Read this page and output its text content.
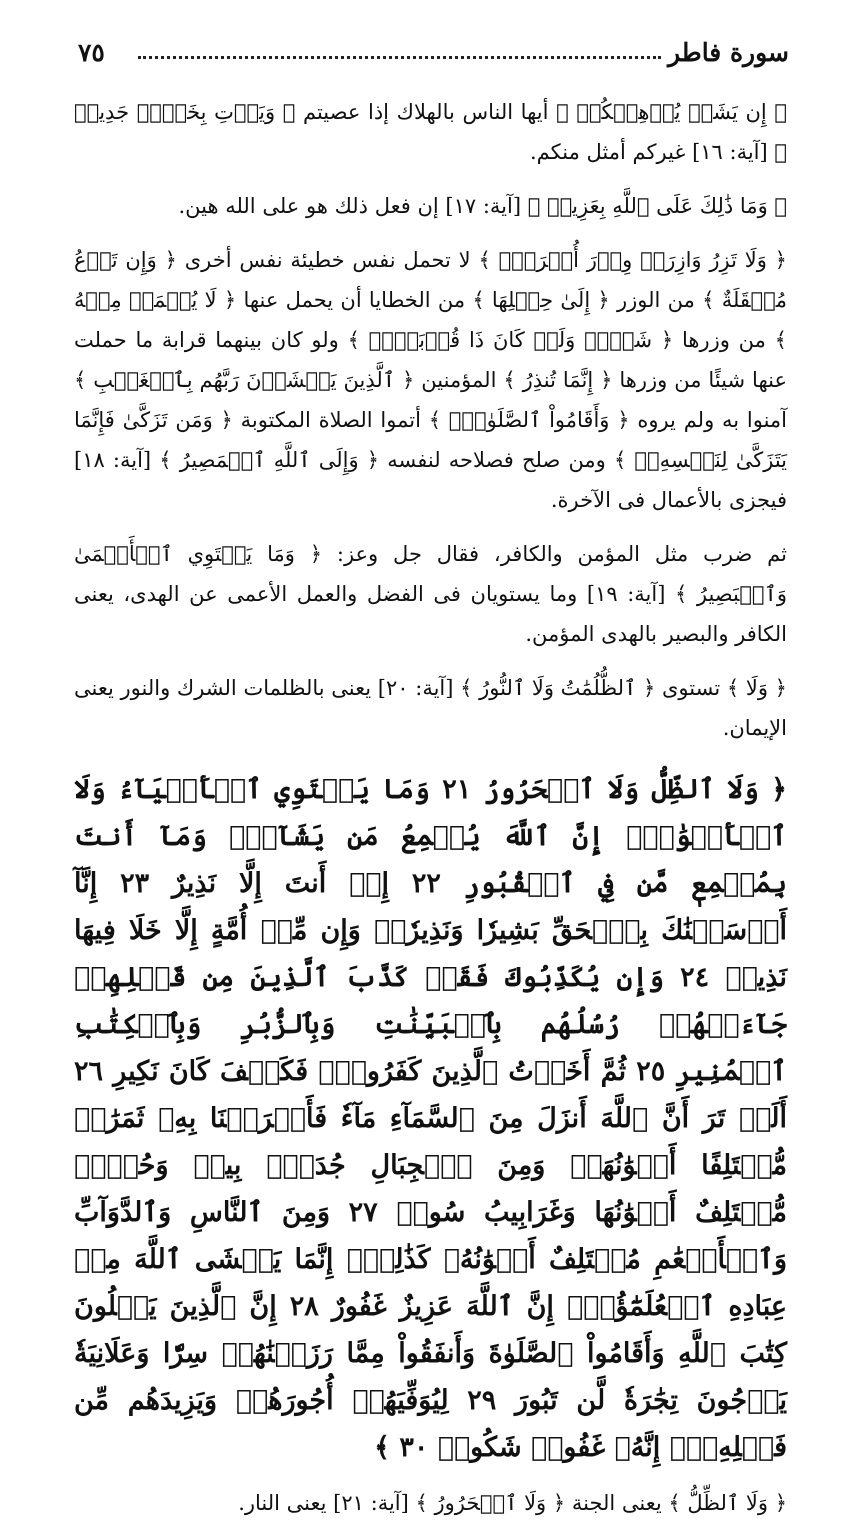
سورة فاطر
٧٥

﴿ إِن يَشَأۡ يُذۡهِبۡكُمۡ ﴾ أيها الناس بالهلاك إذا عصيتم ﴿ وَيَأۡتِ بِخَلۡقٖ جَدِيدٖ ﴾ [آية: ١٦] غيركم أمثل منكم.

﴿ وَمَا ذَٰلِكَ عَلَى ٱللَّهِ بِعَزِيزٖ ﴾ [آية: ١٧] إن فعل ذلك هو على الله هين.

﴿ وَلَا تَزِرُ وَازِرَةٞ وِزۡرَ أُخۡرَىٰۚ ﴾ لا تحمل نفس خطيئة نفس أخرى ﴿ وَإِن تَدۡعُ مُثۡقَلَةٌ ﴾ من الوزر ﴿ إِلَىٰ حِمۡلِهَا ﴾ من الخطايا أن يحمل عنها ﴿ لَا يُحۡمَلۡ مِنۡهُ ﴾ من وزرها ﴿ شَيۡءٞ وَلَوۡ كَانَ ذَا قُرۡبَىٰٓۗ ﴾ ولو كان بينهما قرابة ما حملت عنها شيئًا من وزرها ﴿ إِنَّمَا تُنذِرُ ﴾ المؤمنين ﴿ ٱلَّذِينَ يَخۡشَوۡنَ رَبَّهُم بِٱلۡغَيۡبِ ﴾ آمنوا به ولم يروه ﴿ وَأَقَامُواْ ٱلصَّلَوٰةَۚ ﴾ أتموا الصلاة المكتوبة ﴿ وَمَن تَزَكَّىٰ فَإِنَّمَا يَتَزَكَّىٰ لِنَفۡسِهِۦۚ ﴾ ومن صلح فصلاحه لنفسه ﴿ وَإِلَى ٱللَّهِ ٱلۡمَصِيرُ ﴾ [آية: ١٨] فيجزى بالأعمال فى الآخرة.

ثم ضرب مثل المؤمن والكافر، فقال جل وعز: ﴿ وَمَا يَسۡتَوِي ٱلۡأَعۡمَىٰ وَٱلۡبَصِيرُ ﴾ [آية: ١٩] وما يستويان فى الفضل والعمل الأعمى عن الهدى، يعنى الكافر والبصير بالهدى المؤمن.

﴿ وَلَا ﴾ تستوى ﴿ ٱلظُّلُمَٰتُ وَلَا ٱلنُّورُ ﴾ [آية: ٢٠] يعنى بالظلمات الشرك والنور يعنى الإيمان.

﴿ وَلَا ٱلظِّلُّ وَلَا ٱلۡحَرُورُ ٢١ وَمَا يَسۡتَوِي ٱلۡأَحۡيَآءُ وَلَا ٱلۡأَمۡوَٰتُۚ إِنَّ ٱللَّهَ يُسۡمِعُ مَن يَشَآءُۖ وَمَآ أَنتَ بِمُسۡمِعٖ مَّن فِي ٱلۡقُبُورِ ٢٢ إِنۡ أَنتَ إِلَّا نَذِيرٌ ٢٣ إِنَّآ أَرۡسَلۡنَٰكَ بِٱلۡحَقِّ بَشِيرٗا وَنَذِيرٗاۚ وَإِن مِّنۡ أُمَّةٍ إِلَّا خَلَا فِيهَا نَذِيرٞ ٢٤ وَإِن يُكَذِّبُوكَ فَقَدۡ كَذَّبَ ٱلَّذِينَ مِن قَبۡلِهِمۡ جَآءَتۡهُمۡ رُسُلُهُم بِٱلۡبَيِّنَٰتِ وَبِٱلزُّبُرِ وَبِٱلۡكِتَٰبِ ٱلۡمُنِيرِ ٢٥ ثُمَّ أَخَذۡتُ ٱلَّذِينَ كَفَرُواْۖ فَكَيۡفَ كَانَ نَكِيرِ ٢٦ أَلَمۡ تَرَ أَنَّ ٱللَّهَ أَنزَلَ مِنَ ٱلسَّمَآءِ مَآءٗ فَأَخۡرَجۡنَا بِهِۦ ثَمَرَٰتٖ مُّخۡتَلِفًا أَلۡوَٰنُهَاۚ وَمِنَ ٱلۡجِبَالِ جُدَدُۢ بِيضٞ وَحُمۡرٞ مُّخۡتَلِفٌ أَلۡوَٰنُهَا وَغَرَابِيبُ سُودٞ ٢٧ وَمِنَ ٱلنَّاسِ وَٱلدَّوَآبِّ وَٱلۡأَنۡعَٰمِ مُخۡتَلِفٌ أَلۡوَٰنُهُۥ كَذَٰلِكَۗ إِنَّمَا يَخۡشَى ٱللَّهَ مِنۡ عِبَادِهِ ٱلۡعُلَمَٰٓؤُاْۗ إِنَّ ٱللَّهَ عَزِيزٌ غَفُورٌ ٢٨ إِنَّ ٱلَّذِينَ يَتۡلُونَ كِتَٰبَ ٱللَّهِ وَأَقَامُواْ ٱلصَّلَوٰةَ وَأَنفَقُواْ مِمَّا رَزَقۡنَٰهُمۡ سِرّٗا وَعَلَانِيَةٗ يَرۡجُونَ تِجَٰرَةٗ لَّن تَبُورَ ٢٩ لِيُوَفِّيَهُمۡ أُجُورَهُمۡ وَيَزِيدَهُم مِّن فَضۡلِهِۦٓۚ إِنَّهُۥ غَفُورٞ شَكُورٞ ٣٠ ﴾

﴿ وَلَا ٱلظِّلُّ ﴾ يعنى الجنة ﴿ وَلَا ٱلۡحَرُورُ ﴾ [آية: ٢١] يعنى النار.
